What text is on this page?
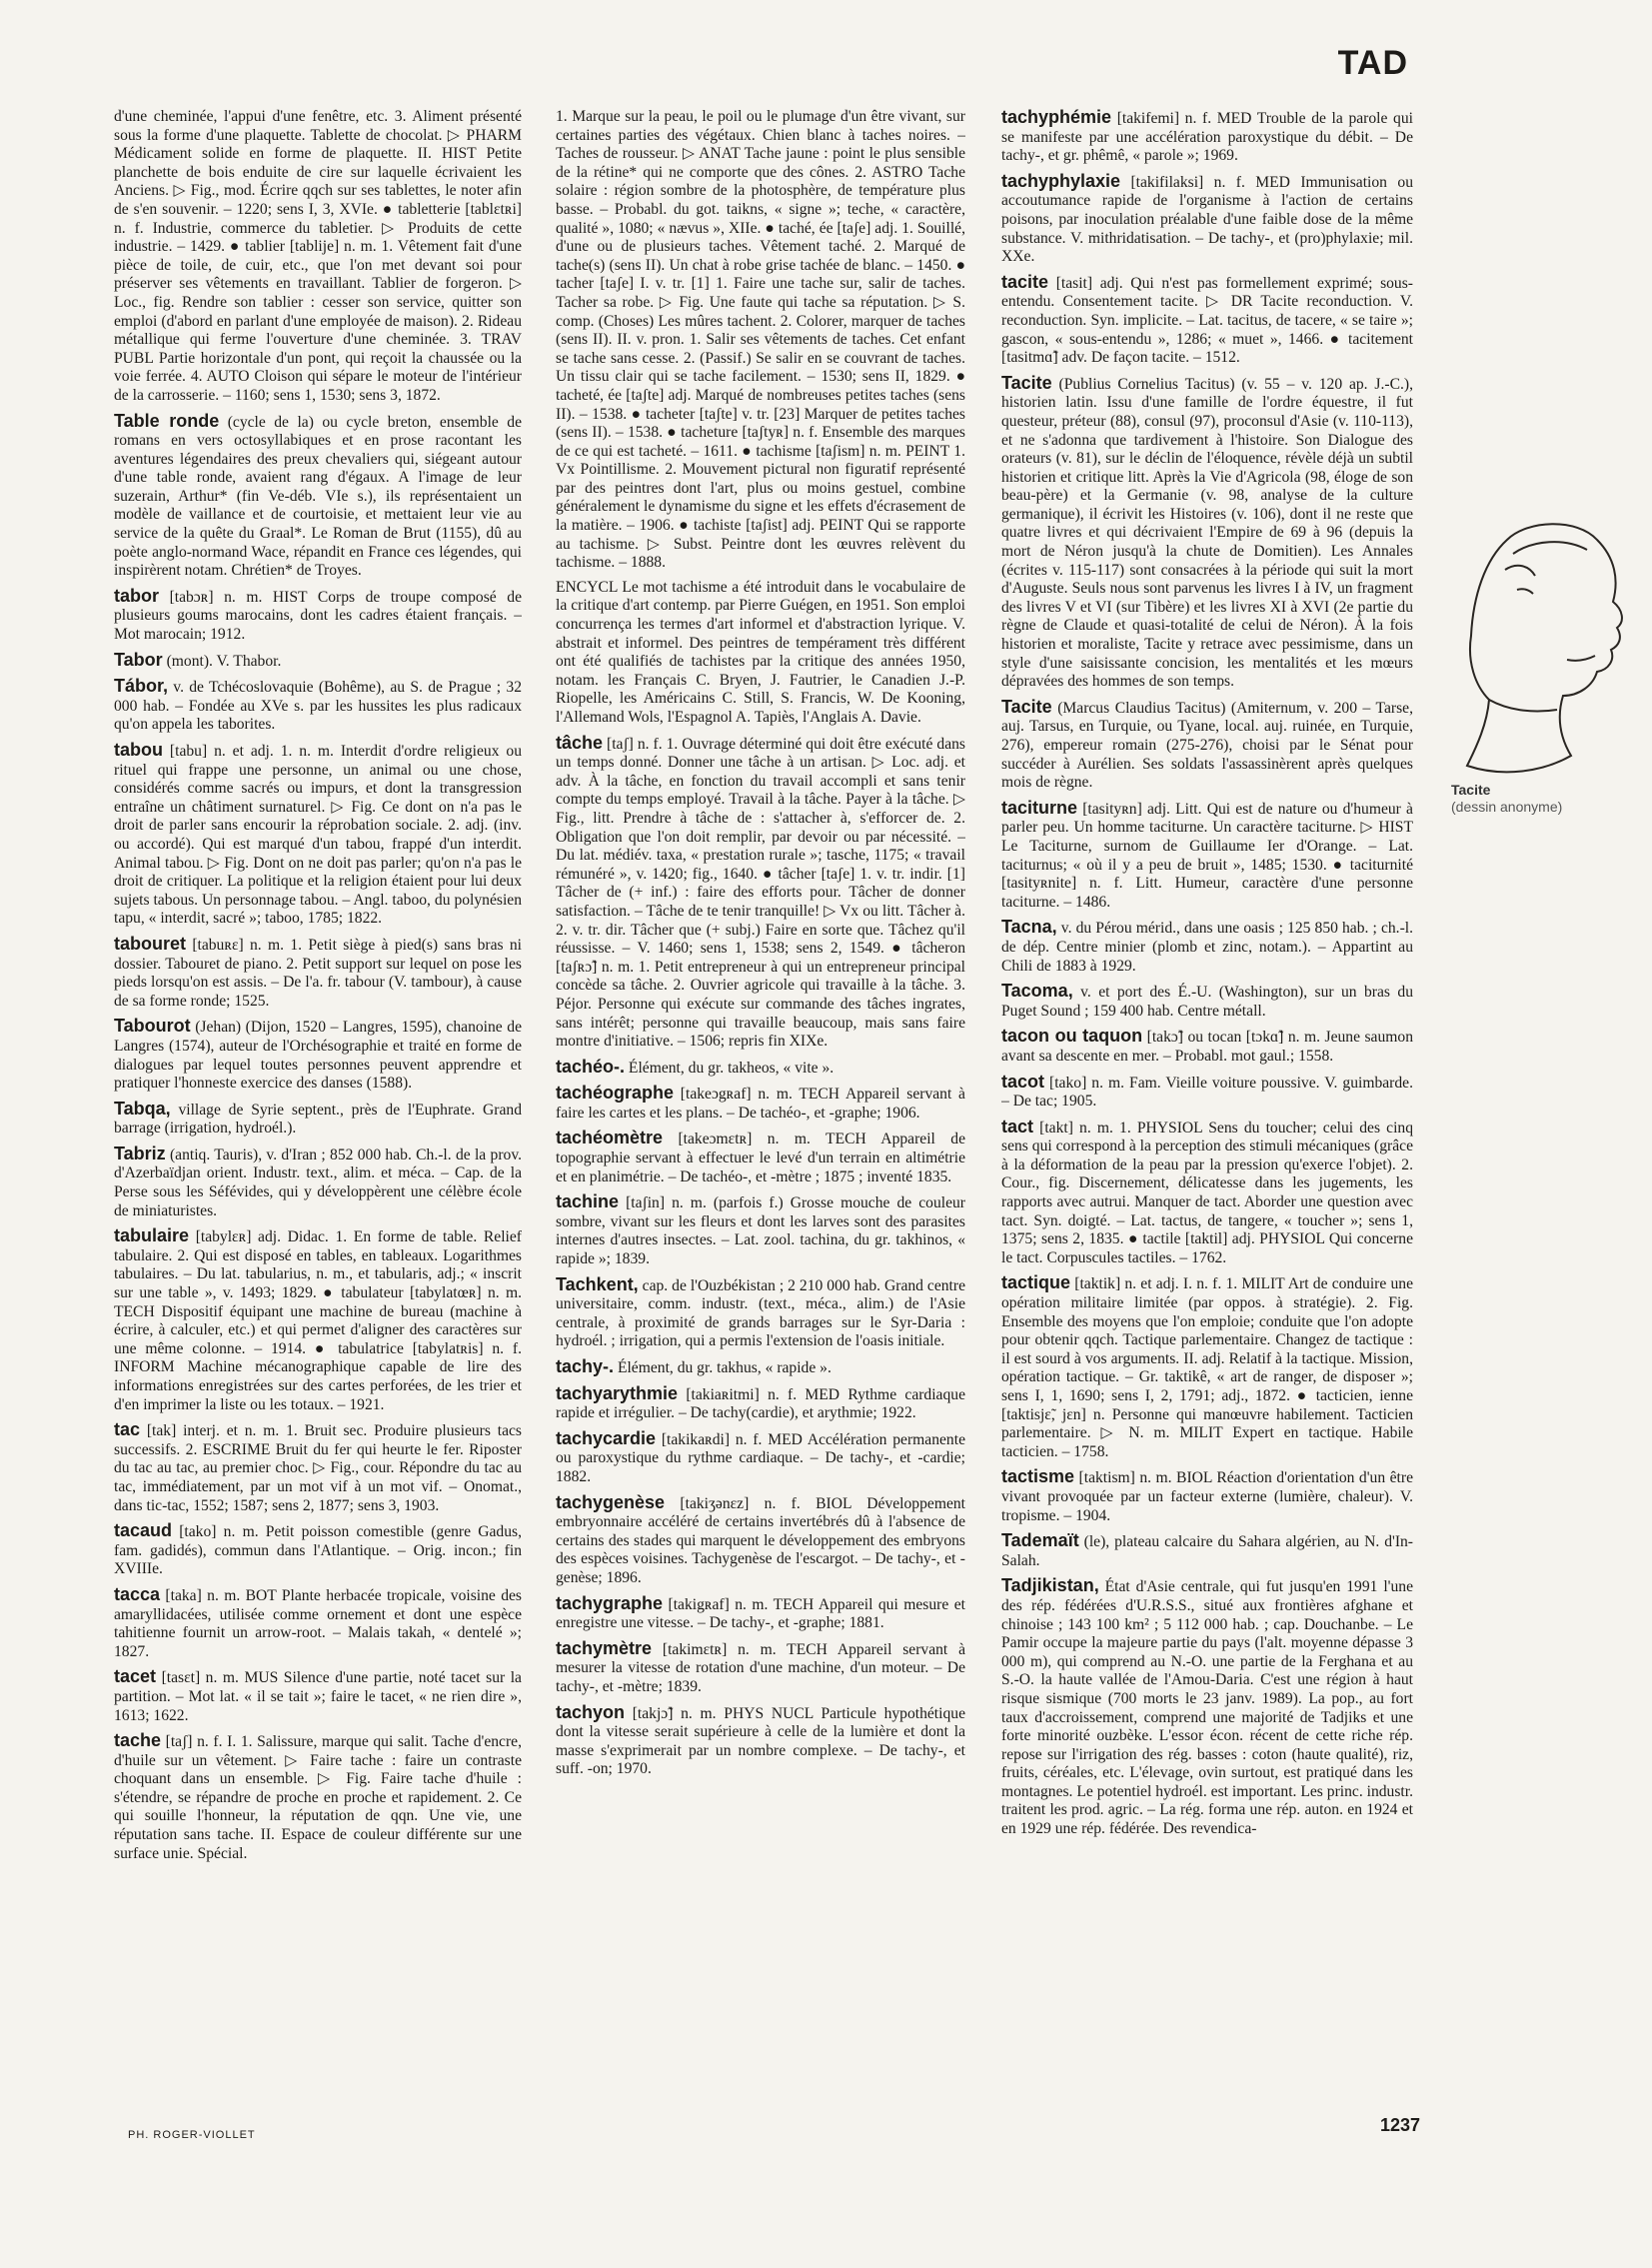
TAD

d'une cheminée, l'appui d'une fenêtre, etc. 3. Aliment présenté sous la forme d'une plaquette. Tablette de chocolat. ▷ PHARM Médicament solide en forme de plaquette. II. HIST Petite planchette de bois enduite de cire sur laquelle écrivaient les Anciens. ▷ Fig., mod. Écrire qqch sur ses tablettes, le noter afin de s'en souvenir. – 1220; sens I, 3, XVIe. ● tabletterie [tablɛtʀi] n. f. Industrie, commerce du tabletier. ▷ Produits de cette industrie. – 1429. ● tablier [tablije] n. m. 1. Vêtement fait d'une pièce de toile, de cuir, etc., que l'on met devant soi pour préserver ses vêtements en travaillant. Tablier de forgeron. ▷ Loc., fig. Rendre son tablier : cesser son service, quitter son emploi (d'abord en parlant d'une employée de maison). 2. Rideau métallique qui ferme l'ouverture d'une cheminée. 3. TRAV PUBL Partie horizontale d'un pont, qui reçoit la chaussée ou la voie ferrée. 4. AUTO Cloison qui sépare le moteur de l'intérieur de la carrosserie. – 1160; sens 1, 1530; sens 3, 1872.

Table ronde (cycle de la) ou cycle breton, ensemble de romans en vers octosyllabiques et en prose racontant les aventures légendaires des preux chevaliers qui, siégeant autour d'une table ronde, avaient rang d'égaux. A l'image de leur suzerain, Arthur* (fin Ve-déb. VIe s.), ils représentaient un modèle de vaillance et de courtoisie, et mettaient leur vie au service de la quête du Graal*. Le Roman de Brut (1155), dû au poète anglo-normand Wace, répandit en France ces légendes, qui inspirèrent notam. Chrétien* de Troyes.

tabor [tabɔʀ] n. m. HIST Corps de troupe composé de plusieurs goums marocains, dont les cadres étaient français. – Mot marocain; 1912.

Tabor (mont). V. Thabor.

Tábor, v. de Tchécoslovaquie (Bohême), au S. de Prague ; 32 000 hab. – Fondée au XVe s. par les hussites les plus radicaux qu'on appela les taborites.

tabou [tabu] n. et adj. 1. n. m. Interdit d'ordre religieux ou rituel qui frappe une personne, un animal ou une chose, considérés comme sacrés ou impurs, et dont la transgression entraîne un châtiment surnaturel. ▷ Fig. Ce dont on n'a pas le droit de parler sans encourir la réprobation sociale. 2. adj. (inv. ou accordé). Qui est marqué d'un tabou, frappé d'un interdit. Animal tabou. ▷ Fig. Dont on ne doit pas parler; qu'on n'a pas le droit de critiquer. La politique et la religion étaient pour lui deux sujets tabous. Un personnage tabou. – Angl. taboo, du polynésien tapu, « interdit, sacré »; taboo, 1785; 1822.

tabouret [tabuʀɛ] n. m. 1. Petit siège à pied(s) sans bras ni dossier. Tabouret de piano. 2. Petit support sur lequel on pose les pieds lorsqu'on est assis. – De l'a. fr. tabour (V. tambour), à cause de sa forme ronde; 1525.

Tabourot (Jehan) (Dijon, 1520 – Langres, 1595), chanoine de Langres (1574), auteur de l'Orchésographie et traité en forme de dialogues par lequel toutes personnes peuvent apprendre et pratiquer l'honneste exercice des danses (1588).

Tabqa, village de Syrie septent., près de l'Euphrate. Grand barrage (irrigation, hydroél.).

Tabriz (antiq. Tauris), v. d'Iran ; 852 000 hab. Ch.-l. de la prov. d'Azerbaïdjan orient. Industr. text., alim. et méca. – Cap. de la Perse sous les Séfévides, qui y développèrent une célèbre école de miniaturistes.

tabulaire [tabylɛʀ] adj. Didac. 1. En forme de table. Relief tabulaire. 2. Qui est disposé en tables, en tableaux. Logarithmes tabulaires. – Du lat. tabularius, n. m., et tabularis, adj.; « inscrit sur une table », v. 1493; 1829. ● tabulateur [tabylatœʀ] n. m. TECH Dispositif équipant une machine de bureau (machine à écrire, à calculer, etc.) et qui permet d'aligner des caractères sur une même colonne. – 1914. ● tabulatrice [tabylatʀis] n. f. INFORM Machine mécanographique capable de lire des informations enregistrées sur des cartes perforées, de les trier et d'en imprimer la liste ou les totaux. – 1921.

tac [tak] interj. et n. m. 1. Bruit sec. Produire plusieurs tacs successifs. 2. ESCRIME Bruit du fer qui heurte le fer. Riposter du tac au tac, au premier choc. ▷ Fig., cour. Répondre du tac au tac, immédiatement, par un mot vif à un mot vif. – Onomat., dans tic-tac, 1552; 1587; sens 2, 1877; sens 3, 1903.

tacaud [tako] n. m. Petit poisson comestible (genre Gadus, fam. gadidés), commun dans l'Atlantique. – Orig. incon.; fin XVIIIe.

tacca [taka] n. m. BOT Plante herbacée tropicale, voisine des amaryllidacées, utilisée comme ornement et dont une espèce tahitienne fournit un arrow-root. – Malais takah, « dentelé »; 1827.

tacet [tasɛt] n. m. MUS Silence d'une partie, noté tacet sur la partition. – Mot lat. « il se tait »; faire le tacet, « ne rien dire », 1613; 1622.

tache [taʃ] n. f. I. 1. Salissure, marque qui salit. Tache d'encre, d'huile sur un vêtement. ▷ Faire tache : faire un contraste choquant dans un ensemble. ▷ Fig. Faire tache d'huile : s'étendre, se répandre de proche en proche et rapidement. 2. Ce qui souille l'honneur, la réputation de qqn. Une vie, une réputation sans tache. II. Espace de couleur différente sur une surface unie. Spécial.

1. Marque sur la peau, le poil ou le plumage d'un être vivant, sur certaines parties des végétaux. Chien blanc à taches noires. – Taches de rousseur. ▷ ANAT Tache jaune : point le plus sensible de la rétine* qui ne comporte que des cônes. 2. ASTRO Tache solaire : région sombre de la photosphère, de température plus basse. – Probabl. du got. taikns, « signe »; teche, « caractère, qualité », 1080; « nævus », XIIe. ● taché, ée [taʃe] adj. 1. Souillé, d'une ou de plusieurs taches. Vêtement taché. 2. Marqué de tache(s) (sens II). Un chat à robe grise tachée de blanc. – 1450. ● tacher [taʃe] I. v. tr. [1] 1. Faire une tache sur, salir de taches. Tacher sa robe. ▷ Fig. Une faute qui tache sa réputation. ▷ S. comp. (Choses) Les mûres tachent. 2. Colorer, marquer de taches (sens II). II. v. pron. 1. Salir ses vêtements de taches. Cet enfant se tache sans cesse. 2. (Passif.) Se salir en se couvrant de taches. Un tissu clair qui se tache facilement. – 1530; sens II, 1829. ● tacheté, ée [taʃte] adj. Marqué de nombreuses petites taches (sens II). – 1538. ● tacheter [taʃte] v. tr. [23] Marquer de petites taches (sens II). – 1538. ● tacheture [taʃtyʀ] n. f. Ensemble des marques de ce qui est tacheté. – 1611. ● tachisme [taʃism] n. m. PEINT 1. Vx Pointillisme. 2. Mouvement pictural non figuratif représenté par des peintres dont l'art, plus ou moins gestuel, combine généralement le dynamisme du signe et les effets d'écrasement de la matière. – 1906. ● tachiste [taʃist] adj. PEINT Qui se rapporte au tachisme. ▷ Subst. Peintre dont les œuvres relèvent du tachisme. – 1888.

ENCYCL Le mot tachisme a été introduit dans le vocabulaire de la critique d'art contemp. par Pierre Guégen, en 1951. Son emploi concurrença les termes d'art informel et d'abstraction lyrique. V. abstrait et informel. Des peintres de tempérament très différent ont été qualifiés de tachistes par la critique des années 1950, notam. les Français C. Bryen, J. Fautrier, le Canadien J.-P. Riopelle, les Américains C. Still, S. Francis, W. De Kooning, l'Allemand Wols, l'Espagnol A. Tapiès, l'Anglais A. Davie.

tâche [taʃ] n. f. 1. Ouvrage déterminé qui doit être exécuté dans un temps donné. Donner une tâche à un artisan. ▷ Loc. adj. et adv. À la tâche, en fonction du travail accompli et sans tenir compte du temps employé. Travail à la tâche. Payer à la tâche. ▷ Fig., litt. Prendre à tâche de : s'attacher à, s'efforcer de. 2. Obligation que l'on doit remplir, par devoir ou par nécessité. – Du lat. médiév. taxa, « prestation rurale »; tasche, 1175; « travail rémunéré », v. 1420; fig., 1640. ● tâcher [taʃe] 1. v. tr. indir. [1] Tâcher de (+ inf.) : faire des efforts pour. Tâcher de donner satisfaction. – Tâche de te tenir tranquille! ▷ Vx ou litt. Tâcher à. 2. v. tr. dir. Tâcher que (+ subj.) Faire en sorte que. Tâchez qu'il réussisse. – V. 1460; sens 1, 1538; sens 2, 1549. ● tâcheron [taʃʀɔ̃] n. m. 1. Petit entrepreneur à qui un entrepreneur principal concède sa tâche. 2. Ouvrier agricole qui travaille à la tâche. 3. Péjor. Personne qui exécute sur commande des tâches ingrates, sans intérêt; personne qui travaille beaucoup, mais sans faire montre d'initiative. – 1506; repris fin XIXe.

tachéo-. Élément, du gr. takheos, « vite ».

tachéographe [takeɔgʀaf] n. m. TECH Appareil servant à faire les cartes et les plans. – De tachéo-, et -graphe; 1906.

tachéomètre [takeɔmɛtʀ] n. m. TECH Appareil de topographie servant à effectuer le levé d'un terrain en altimétrie et en planimétrie. – De tachéo-, et -mètre ; 1875 ; inventé 1835.

tachine [taʃin] n. m. (parfois f.) Grosse mouche de couleur sombre, vivant sur les fleurs et dont les larves sont des parasites internes d'autres insectes. – Lat. zool. tachina, du gr. takhinos, « rapide »; 1839.

Tachkent, cap. de l'Ouzbékistan ; 2 210 000 hab. Grand centre universitaire, comm. industr. (text., méca., alim.) de l'Asie centrale, à proximité de grands barrages sur le Syr-Daria : hydroél. ; irrigation, qui a permis l'extension de l'oasis initiale.

tachy-. Élément, du gr. takhus, « rapide ».

tachyarythmie [takiaʀitmi] n. f. MED Rythme cardiaque rapide et irrégulier. – De tachy(cardie), et arythmie; 1922.

tachycardie [takikaʀdi] n. f. MED Accélération permanente ou paroxystique du rythme cardiaque. – De tachy-, et -cardie; 1882.

tachygenèse [takiʒənɛz] n. f. BIOL Développement embryonnaire accéléré de certains invertébrés dû à l'absence de certains des stades qui marquent le développement des embryons des espèces voisines. Tachygenèse de l'escargot. – De tachy-, et -genèse; 1896.

tachygraphe [takigʀaf] n. m. TECH Appareil qui mesure et enregistre une vitesse. – De tachy-, et -graphe; 1881.

tachymètre [takimɛtʀ] n. m. TECH Appareil servant à mesurer la vitesse de rotation d'une machine, d'un moteur. – De tachy-, et -mètre; 1839.

tachyon [takjɔ̃] n. m. PHYS NUCL Particule hypothétique dont la vitesse serait supérieure à celle de la lumière et dont la masse s'exprimerait par un nombre complexe. – De tachy-, et suff. -on; 1970.

tachyphémie [takifemi] n. f. MED Trouble de la parole qui se manifeste par une accélération paroxystique du débit. – De tachy-, et gr. phêmê, « parole »; 1969.

tachyphylaxie [takifilaksi] n. f. MED Immunisation ou accoutumance rapide de l'organisme à l'action de certains poisons, par inoculation préalable d'une faible dose de la même substance. V. mithridatisation. – De tachy-, et (pro)phylaxie; mil. XXe.

tacite [tasit] adj. Qui n'est pas formellement exprimé; sous-entendu. Consentement tacite. ▷ DR Tacite reconduction. V. reconduction. Syn. implicite. – Lat. tacitus, de tacere, « se taire »; gascon, « sous-entendu », 1286; « muet », 1466. ● tacitement [tasitmɑ̃] adv. De façon tacite. – 1512.

Tacite (Publius Cornelius Tacitus) (v. 55 – v. 120 ap. J.-C.), historien latin. Issu d'une famille de l'ordre équestre, il fut questeur, préteur (88), consul (97), proconsul d'Asie (v. 110-113), et ne s'adonna que tardivement à l'histoire. Son Dialogue des orateurs (v. 81), sur le déclin de l'éloquence, révèle déjà un subtil historien et critique litt. Après la Vie d'Agricola (98, éloge de son beau-père) et la Germanie (v. 98, analyse de la culture germanique), il écrivit les Histoires (v. 106), dont il ne reste que quatre livres et qui décrivaient l'Empire de 69 à 96 (depuis la mort de Néron jusqu'à la chute de Domitien). Les Annales (écrites v. 115-117) sont consacrées à la période qui suit la mort d'Auguste. Seuls nous sont parvenus les livres I à IV, un fragment des livres V et VI (sur Tibère) et les livres XI à XVI (2e partie du règne de Claude et quasi-totalité de celui de Néron). À la fois historien et moraliste, Tacite y retrace avec pessimisme, dans un style d'une saisissante concision, les mentalités et les mœurs dépravées des hommes de son temps.

Tacite (Marcus Claudius Tacitus) (Amiternum, v. 200 – Tarse, auj. Tarsus, en Turquie, ou Tyane, local. auj. ruinée, en Turquie, 276), empereur romain (275-276), choisi par le Sénat pour succéder à Aurélien. Ses soldats l'assassinèrent après quelques mois de règne.

taciturne [tasityʀn] adj. Litt. Qui est de nature ou d'humeur à parler peu. Un homme taciturne. Un caractère taciturne. ▷ HIST Le Taciturne, surnom de Guillaume Ier d'Orange. – Lat. taciturnus; « où il y a peu de bruit », 1485; 1530. ● taciturnité [tasityʀnite] n. f. Litt. Humeur, caractère d'une personne taciturne. – 1486.

Tacna, v. du Pérou mérid., dans une oasis ; 125 850 hab. ; ch.-l. de dép. Centre minier (plomb et zinc, notam.). – Appartint au Chili de 1883 à 1929.

Tacoma, v. et port des É.-U. (Washington), sur un bras du Puget Sound ; 159 400 hab. Centre métall.

tacon ou taquon [takɔ̃] ou tocan [tɔkɑ̃] n. m. Jeune saumon avant sa descente en mer. – Probabl. mot gaul.; 1558.

tacot [tako] n. m. Fam. Vieille voiture poussive. V. guimbarde. – De tac; 1905.

tact [takt] n. m. 1. PHYSIOL Sens du toucher; celui des cinq sens qui correspond à la perception des stimuli mécaniques (grâce à la déformation de la peau par la pression qu'exerce l'objet). 2. Cour., fig. Discernement, délicatesse dans les jugements, les rapports avec autrui. Manquer de tact. Aborder une question avec tact. Syn. doigté. – Lat. tactus, de tangere, « toucher »; sens 1, 1375; sens 2, 1835. ● tactile [taktil] adj. PHYSIOL Qui concerne le tact. Corpuscules tactiles. – 1762.

tactique [taktik] n. et adj. I. n. f. 1. MILIT Art de conduire une opération militaire limitée (par oppos. à stratégie). 2. Fig. Ensemble des moyens que l'on emploie; conduite que l'on adopte pour obtenir qqch. Tactique parlementaire. Changez de tactique : il est sourd à vos arguments. II. adj. Relatif à la tactique. Mission, opération tactique. – Gr. taktikê, « art de ranger, de disposer »; sens I, 1, 1690; sens I, 2, 1791; adj., 1872. ● tacticien, ienne [taktisjɛ̃, jɛn] n. Personne qui manœuvre habilement. Tacticien parlementaire. ▷ N. m. MILIT Expert en tactique. Habile tacticien. – 1758.

tactisme [taktism] n. m. BIOL Réaction d'orientation d'un être vivant provoquée par un facteur externe (lumière, chaleur). V. tropisme. – 1904.

Tademaït (le), plateau calcaire du Sahara algérien, au N. d'In-Salah.

Tadjikistan, État d'Asie centrale, qui fut jusqu'en 1991 l'une des rép. fédérées d'U.R.S.S., situé aux frontières afghane et chinoise ; 143 100 km² ; 5 112 000 hab. ; cap. Douchanbe. – Le Pamir occupe la majeure partie du pays (l'alt. moyenne dépasse 3 000 m), qui comprend au N.-O. une partie de la Ferghana et au S.-O. la haute vallée de l'Amou-Daria. C'est une région à haut risque sismique (700 morts le 23 janv. 1989). La pop., au fort taux d'accroissement, comprend une majorité de Tadjiks et une forte minorité ouzbèke. L'essor écon. récent de cette riche rép. repose sur l'irrigation des rég. basses : coton (haute qualité), riz, fruits, céréales, etc. L'élevage, ovin surtout, est pratiqué dans les montagnes. Le potentiel hydroél. est important. Les princ. industr. traitent les prod. agric. – La rég. forma une rép. auton. en 1924 et en 1929 une rép. fédérée. Des revendica-

Tacite
(dessin anonyme)
PH. ROGER-VIOLLET	1237
